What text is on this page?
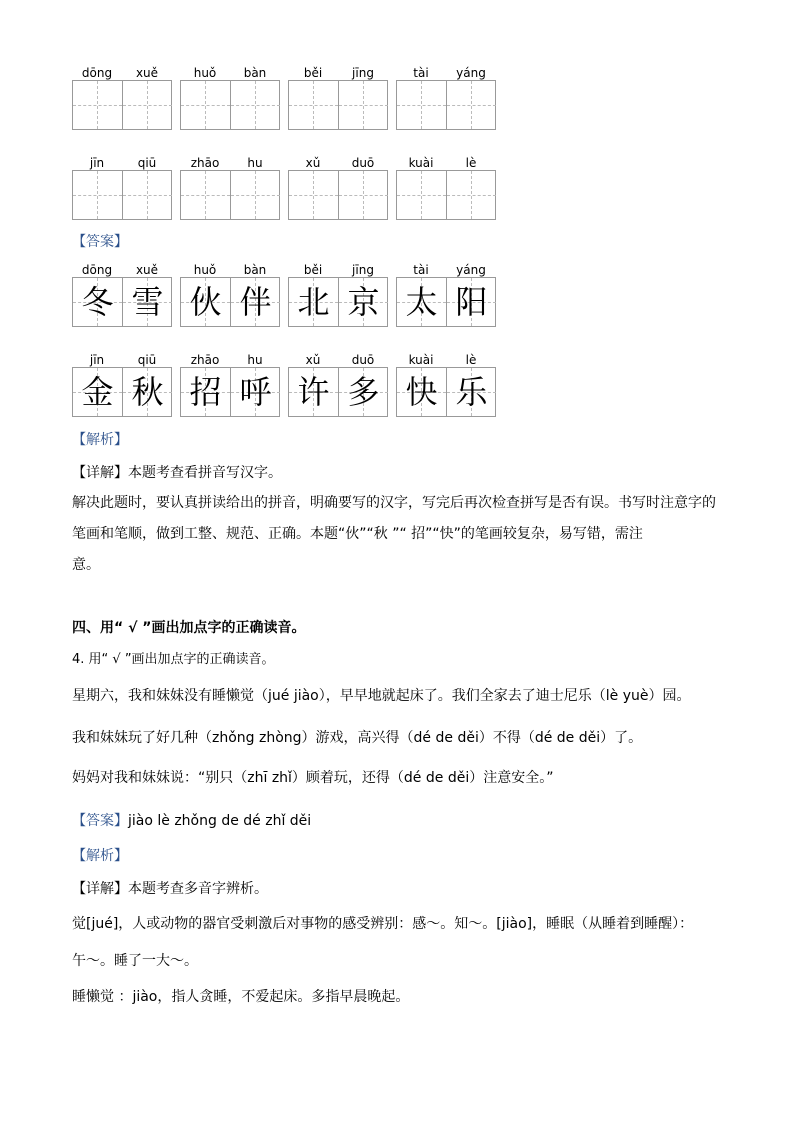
dōng	xuě	huǒ	bàn	běi	jīng	tài	yáng
jīn	qiū	zhāo	hu	xǔ	duō	kuài	lè
【答案】
dōng	xuě
冬 雪
huǒ	bàn
伙 伴
běi	jīng
北 京
tài	yáng
太 阳
jīn	qiū
金 秋
zhāo	hu
招 呼
xǔ	duō
许 多
kuài	lè
快 乐
【解析】
【详解】本题考查看拼音写汉字。
解决此题时，要认真拼读给出的拼音，明确要写的汉字，写完后再次检查拼写是否有误。书写时注意字的
笔画和笔顺，做到工整、规范、正确。本题“伙”“秋 ”“ 招”“快”的笔画较复杂，易写错，需注
意。
四、用“ √ ”画出加点字的正确读音。
4. 用“ √ ”画出加点字的正确读音。
星期六，我和妹妹没有睡懒觉（jué jiào），早早地就起床了。我们全家去了迪士尼乐（lè yuè）园。
我和妹妹玩了好几种（zhǒng zhòng）游戏，高兴得（dé de děi）不得（dé de děi）了。
妈妈对我和妹妹说：“别只（zhī zhǐ）顾着玩，还得（dé de děi）注意安全。”
【答案】jiào lè zhǒng de dé zhǐ děi
【解析】
【详解】本题考查多音字辨析。
觉[jué]，人或动物的器官受刺激后对事物的感受辨别：感～。知～。[jiào]，睡眠（从睡着到睡醒）：
午～。睡了一大～。
睡懒觉 ：jiào，指人贪睡，不爱起床。多指早晨晚起。
